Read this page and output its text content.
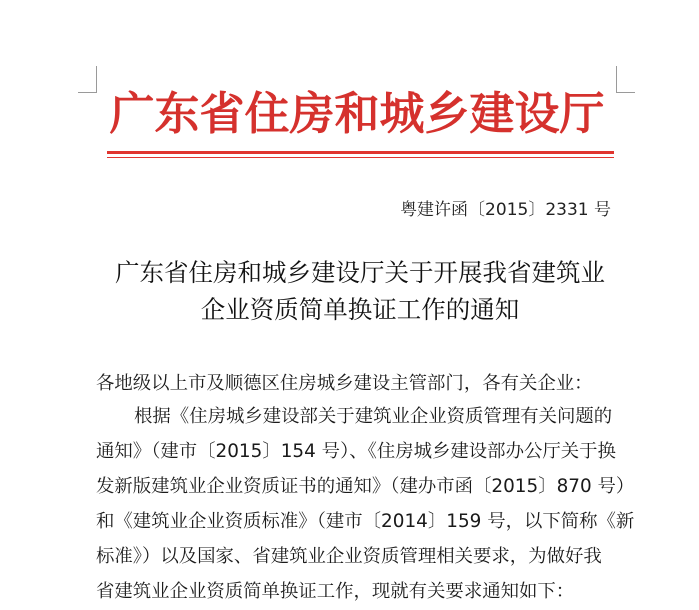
广东省住房和城乡建设厅
粤建许函〔2015〕2331 号
广东省住房和城乡建设厅关于开展我省建筑业
企业资质简单换证工作的通知
各地级以上市及顺德区住房城乡建设主管部门，各有关企业：
根据《住房城乡建设部关于建筑业企业资质管理有关问题的
通知》（建市〔2015〕154 号）、《住房城乡建设部办公厅关于换
发新版建筑业企业资质证书的通知》（建办市函〔2015〕870 号）
和《建筑业企业资质标准》（建市〔2014〕159 号，以下简称《新
标准》）以及国家、省建筑业企业资质管理相关要求，为做好我
省建筑业企业资质简单换证工作，现就有关要求通知如下：
